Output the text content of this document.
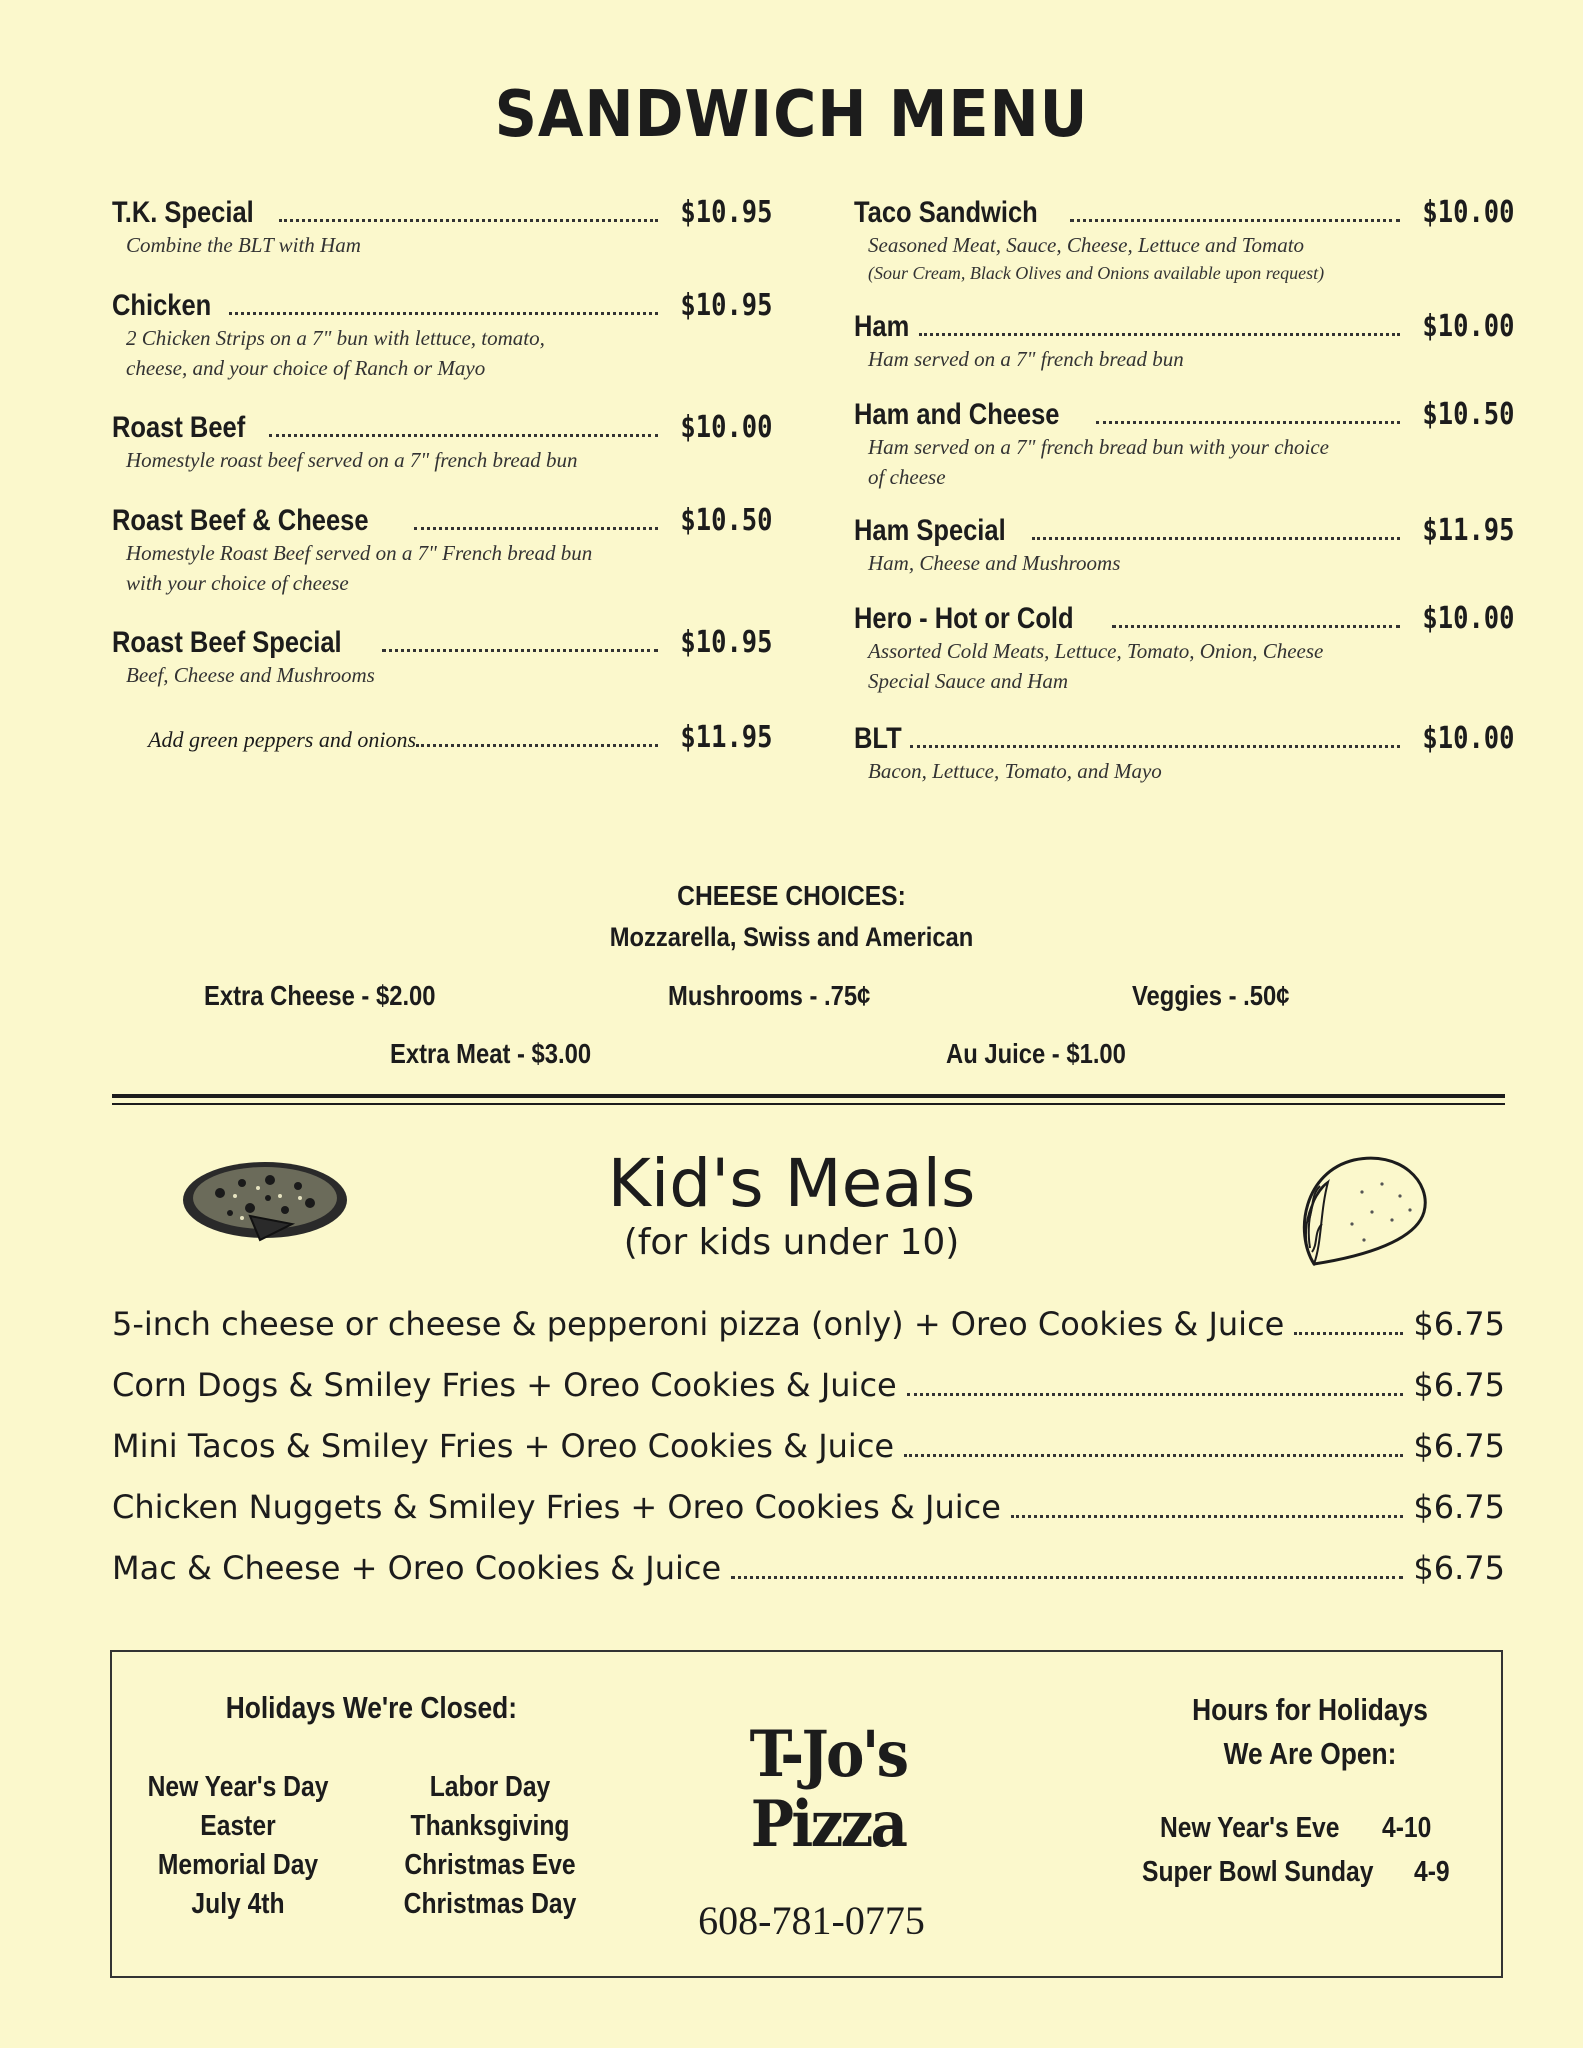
SANDWICH MENU
T.K. Special	$10.95
Combine the BLT with Ham
Chicken	$10.95
2 Chicken Strips on a 7" bun with lettuce, tomato,
cheese, and your choice of Ranch or Mayo
Roast Beef	$10.00
Homestyle roast beef served on a 7" french bread bun
Roast Beef & Cheese	$10.50
Homestyle Roast Beef served on a 7" French bread bun
with your choice of cheese
Roast Beef Special	$10.95
Beef, Cheese and Mushrooms
Add green peppers and onions	$11.95
Taco Sandwich	$10.00
Seasoned Meat, Sauce, Cheese, Lettuce and Tomato
(Sour Cream, Black Olives and Onions available upon request)
Ham	$10.00
Ham served on a 7" french bread bun
Ham and Cheese	$10.50
Ham served on a 7" french bread bun with your choice
of cheese
Ham Special	$11.95
Ham, Cheese and Mushrooms
Hero - Hot or Cold	$10.00
Assorted Cold Meats, Lettuce, Tomato, Onion, Cheese
Special Sauce and Ham
BLT	$10.00
Bacon, Lettuce, Tomato, and Mayo
CHEESE CHOICES:
Mozzarella, Swiss and American
Extra Cheese - $2.00	Mushrooms - .75¢	Veggies - .50¢
Extra Meat - $3.00	Au Juice - $1.00
Kid's Meals
(for kids under 10)
5-inch cheese or cheese & pepperoni pizza (only) + Oreo Cookies & Juice	$6.75
Corn Dogs & Smiley Fries + Oreo Cookies & Juice	$6.75
Mini Tacos & Smiley Fries + Oreo Cookies & Juice	$6.75
Chicken Nuggets & Smiley Fries + Oreo Cookies & Juice	$6.75
Mac & Cheese + Oreo Cookies & Juice	$6.75
Holidays We're Closed:
New Year's Day
Easter
Memorial Day
July 4th
Labor Day
Thanksgiving
Christmas Eve
Christmas Day
T-Jo's
Pizza
608-781-0775
Hours for Holidays
We Are Open:
New Year's Eve 4-10
Super Bowl Sunday 4-9
